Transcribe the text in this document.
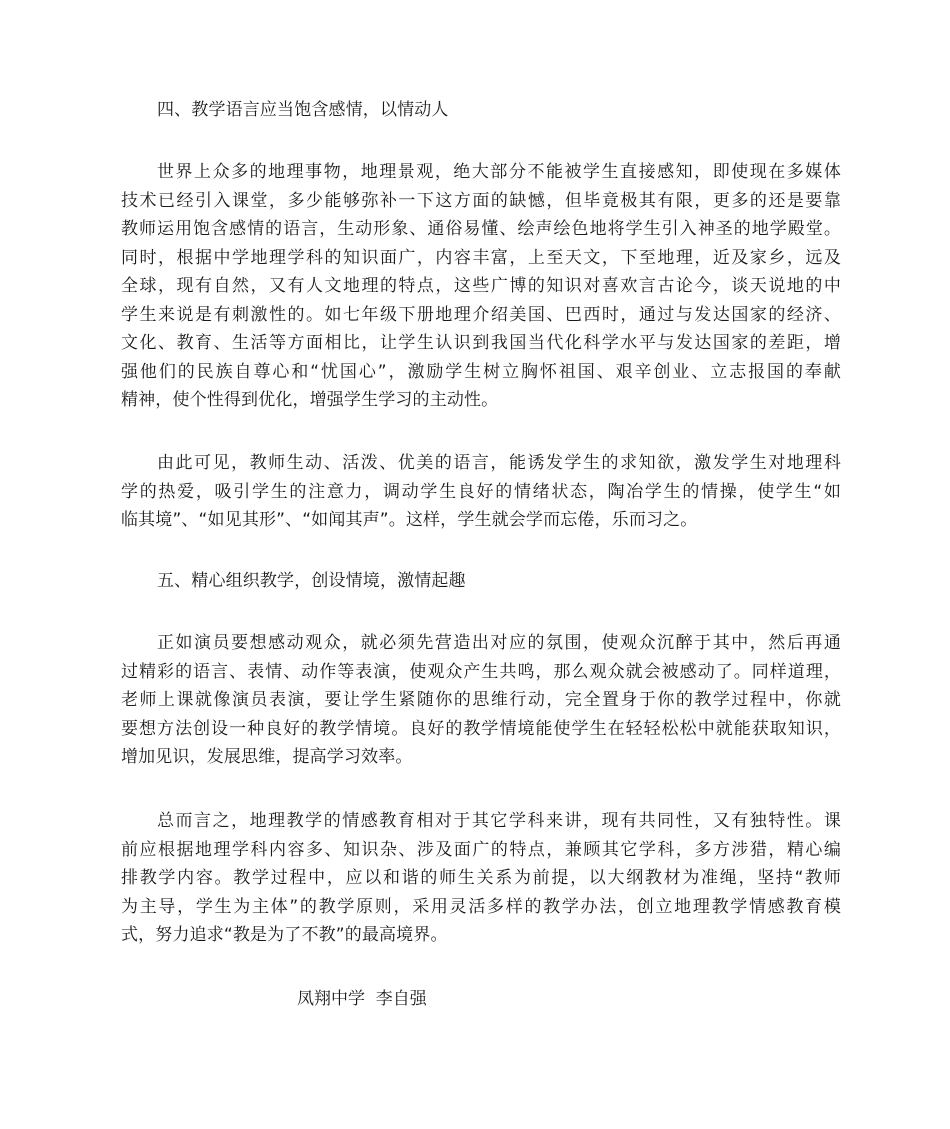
四、教学语言应当饱含感情，以情动人
世界上众多的地理事物，地理景观，绝大部分不能被学生直接感知，即使现在多媒体
技术已经引入课堂，多少能够弥补一下这方面的缺憾，但毕竟极其有限，更多的还是要靠
教师运用饱含感情的语言，生动形象、通俗易懂、绘声绘色地将学生引入神圣的地学殿堂。
同时，根据中学地理学科的知识面广，内容丰富，上至天文，下至地理，近及家乡，远及
全球，现有自然，又有人文地理的特点，这些广博的知识对喜欢言古论今，谈天说地的中
学生来说是有刺激性的。如七年级下册地理介绍美国、巴西时，通过与发达国家的经济、
文化、教育、生活等方面相比，让学生认识到我国当代化科学水平与发达国家的差距，增
强他们的民族自尊心和“忧国心”，激励学生树立胸怀祖国、艰辛创业、立志报国的奉献
精神，使个性得到优化，增强学生学习的主动性。
由此可见，教师生动、活泼、优美的语言，能诱发学生的求知欲，激发学生对地理科
学的热爱，吸引学生的注意力，调动学生良好的情绪状态，陶冶学生的情操，使学生“如
临其境”、“如见其形”、“如闻其声”。这样，学生就会学而忘倦，乐而习之。
五、精心组织教学，创设情境，激情起趣
正如演员要想感动观众，就必须先营造出对应的氛围，使观众沉醉于其中，然后再通
过精彩的语言、表情、动作等表演，使观众产生共鸣，那么观众就会被感动了。同样道理，
老师上课就像演员表演，要让学生紧随你的思维行动，完全置身于你的教学过程中，你就
要想方法创设一种良好的教学情境。良好的教学情境能使学生在轻轻松松中就能获取知识，
增加见识，发展思维，提高学习效率。
总而言之，地理教学的情感教育相对于其它学科来讲，现有共同性，又有独特性。课
前应根据地理学科内容多、知识杂、涉及面广的特点，兼顾其它学科，多方涉猎，精心编
排教学内容。教学过程中，应以和谐的师生关系为前提，以大纲教材为准绳，坚持“教师
为主导，学生为主体”的教学原则，采用灵活多样的教学办法，创立地理教学情感教育模
式，努力追求“教是为了不教”的最高境界。
凤翔中学  李自强
